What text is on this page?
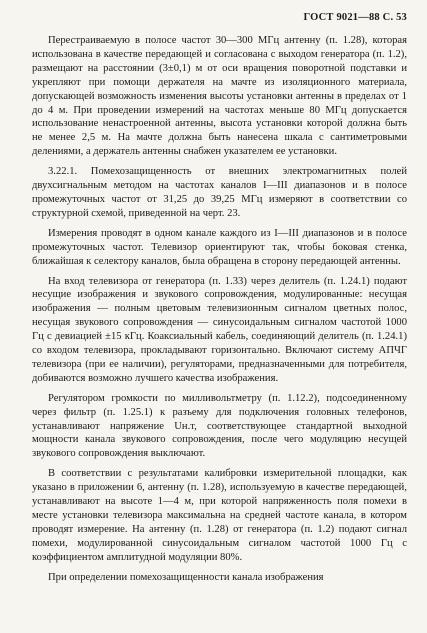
ГОСТ 9021—88 С. 53

Перестраиваемую в полосе частот 30—300 МГц антенну (п. 1.28), которая использована в качестве передающей и согласована с выходом генератора (п. 1.2), размещают на расстоянии (3±0,1) м от оси вращения поворотной подставки и укрепляют при помощи держателя на мачте из изоляционного материала, допускающей возможность изменения высоты установки антенны в пределах от 1 до 4 м. При проведении измерений на частотах меньше 80 МГц допускается использование ненастроенной антенны, высота установки которой должна быть не менее 2,5 м. На мачте должна быть нанесена шкала с сантиметровыми делениями, а держатель антенны снабжен указателем ее установки.

3.22.1. Помехозащищенность от внешних электромагнитных полей двухсигнальным методом на частотах каналов I—III диапазонов и в полосе промежуточных частот от 31,25 до 39,25 МГц измеряют в соответствии со структурной схемой, приведенной на черт. 23.

Измерения проводят в одном канале каждого из I—III диапазонов и в полосе промежуточных частот. Телевизор ориентируют так, чтобы боковая стенка, ближайшая к селектору каналов, была обращена в сторону передающей антенны.

На вход телевизора от генератора (п. 1.33) через делитель (п. 1.24.1) подают несущие изображения и звукового сопровождения, модулированные: несущая изображения — полным цветовым телевизионным сигналом цветных полос, несущая звукового сопровождения — синусоидальным сигналом частотой 1000 Гц с девиацией ±15 кГц. Коаксиальный кабель, соединяющий делитель (п. 1.24.1) со входом телевизора, прокладывают горизонтально. Включают систему АПЧГ телевизора (при ее наличии), регуляторами, предназначенными для потребителя, добиваются возможно лучшего качества изображения.

Регулятором громкости по милливольтметру (п. 1.12.2), подсоединенному через фильтр (п. 1.25.1) к разъему для подключения головных телефонов, устанавливают напряжение Uн.т, соответствующее стандартной выходной мощности канала звукового сопровождения, после чего модуляцию несущей звукового сопровождения выключают.

В соответствии с результатами калибровки измерительной площадки, как указано в приложении 6, антенну (п. 1.28), используемую в качестве передающей, устанавливают на высоте 1—4 м, при которой напряженность поля помехи в месте установки телевизора максимальна на средней частоте канала, в котором проводят измерение. На антенну (п. 1.28) от генератора (п. 1.2) подают сигнал помехи, модулированной синусоидальным сигналом частотой 1000 Гц с коэффициентом амплитудной модуляции 80%.

При определении помехозащищенности канала изображения
